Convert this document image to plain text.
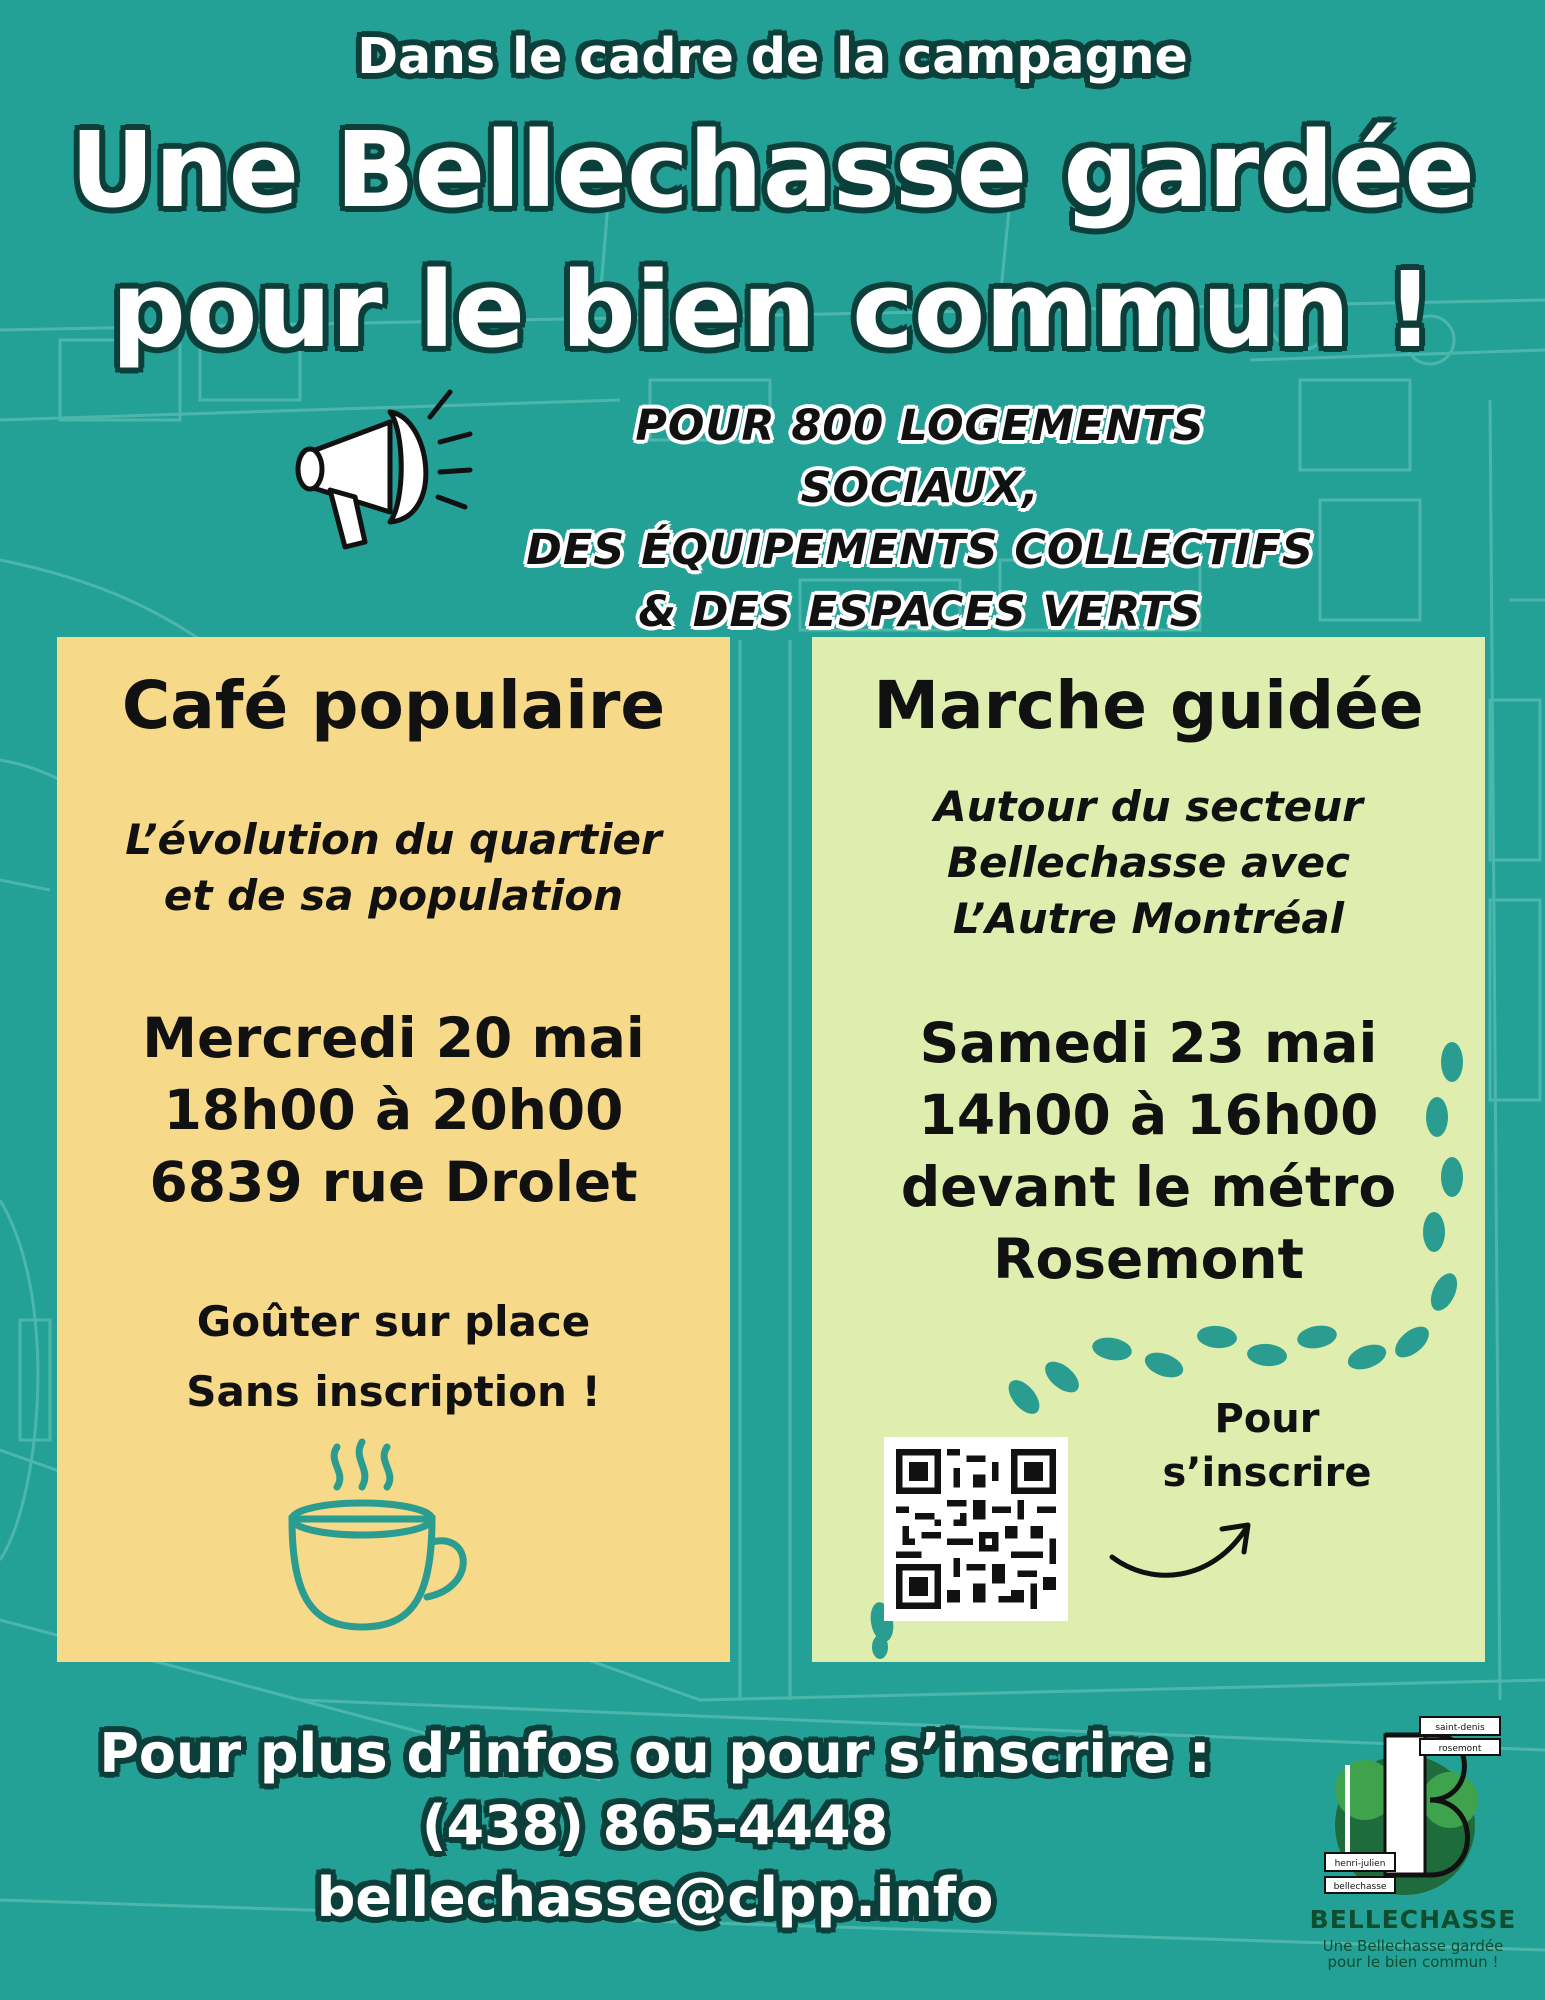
Dans le cadre de la campagne
Une Bellechasse gardée
pour le bien commun !
POUR 800 LOGEMENTS SOCIAUX,
DES ÉQUIPEMENTS COLLECTIFS
& DES ESPACES VERTS
Café populaire
L’évolution du quartier
et de sa population
Mercredi 20 mai
18h00 à 20h00
6839 rue Drolet
Goûter sur place
Sans inscription !
Marche guidée
Autour du secteur
Bellechasse avec
L’Autre Montréal
Samedi 23 mai
14h00 à 16h00
devant le métro
Rosemont
Pour
s’inscrire
Pour plus d’infos ou pour s’inscrire :
(438) 865-4448
bellechasse@clpp.info
saint-denis
rosemont
henri-julien
bellechasse
BELLECHASSE
Une Bellechasse gardée
pour le bien commun !
